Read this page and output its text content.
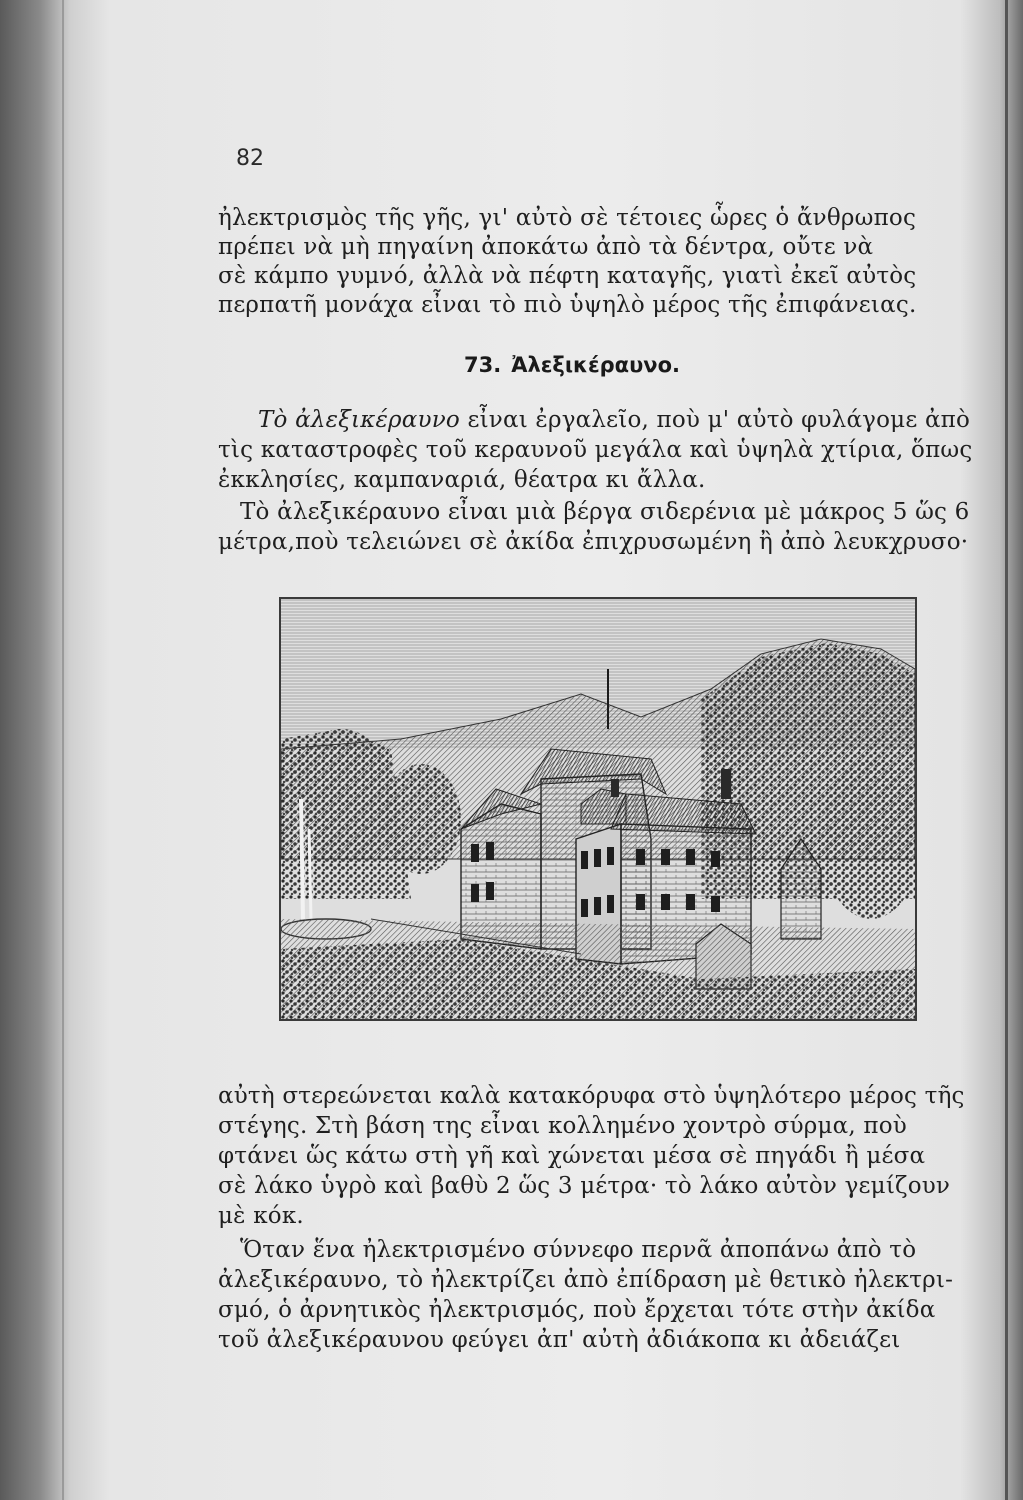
82
ἠλεκτρισμὸς τῆς γῆς, γι' αὐτὸ σὲ τέτοιες ὧρες ὁ ἄνθρωπος
πρέπει νὰ μὴ πηγαίνη ἀποκάτω ἀπὸ τὰ δέντρα, οὔτε νὰ
σὲ κάμπο γυμνό, ἀλλὰ νὰ πέφτη καταγῆς, γιατὶ ἐκεῖ αὐτὸς
περπατῆ μονάχα εἶναι τὸ πιὸ ὑψηλὸ μέρος τῆς ἐπιφάνειας.
73. Ἀλεξικέραυνο.
Τὸ ἀλεξικέραυνο εἶναι ἐργαλεῖο, ποὺ μ' αὐτὸ φυλάγομε ἀπὸ
τὶς καταστροφὲς τοῦ κεραυνοῦ μεγάλα καὶ ὑψηλὰ χτίρια, ὅπως
ἐκκλησίες, καμπαναριά, θέατρα κι ἄλλα.
Τὸ ἀλεξικέραυνο εἶναι μιὰ βέργα σιδερένια μὲ μάκρος 5 ὥς 6
μέτρα,ποὺ τελειώνει σὲ ἀκίδα ἐπιχρυσωμένη ἢ ἀπὸ λευκχρυσο·
αὐτὴ στερεώνεται καλὰ κατακόρυφα στὸ ὑψηλότερο μέρος τῆς
στέγης. Στὴ βάση της εἶναι κολλημένο χοντρὸ σύρμα, ποὺ
φτάνει ὥς κάτω στὴ γῆ καὶ χώνεται μέσα σὲ πηγάδι ἢ μέσα
σὲ λάκο ὑγρὸ καὶ βαθὺ 2 ὥς 3 μέτρα· τὸ λάκο αὐτὸν γεμίζουν
μὲ κόκ.
Ὅταν ἕνα ἠλεκτρισμένο σύννεφο περνᾶ ἀποπάνω ἀπὸ τὸ
ἀλεξικέραυνο, τὸ ἠλεκτρίζει ἀπὸ ἐπίδραση μὲ θετικὸ ἠλεκτρι-
σμό, ὁ ἀρνητικὸς ἠλεκτρισμός, ποὺ ἔρχεται τότε στὴν ἀκίδα
τοῦ ἀλεξικέραυνου φεύγει ἀπ' αὐτὴ ἀδιάκοπα κι ἀδειάζει
